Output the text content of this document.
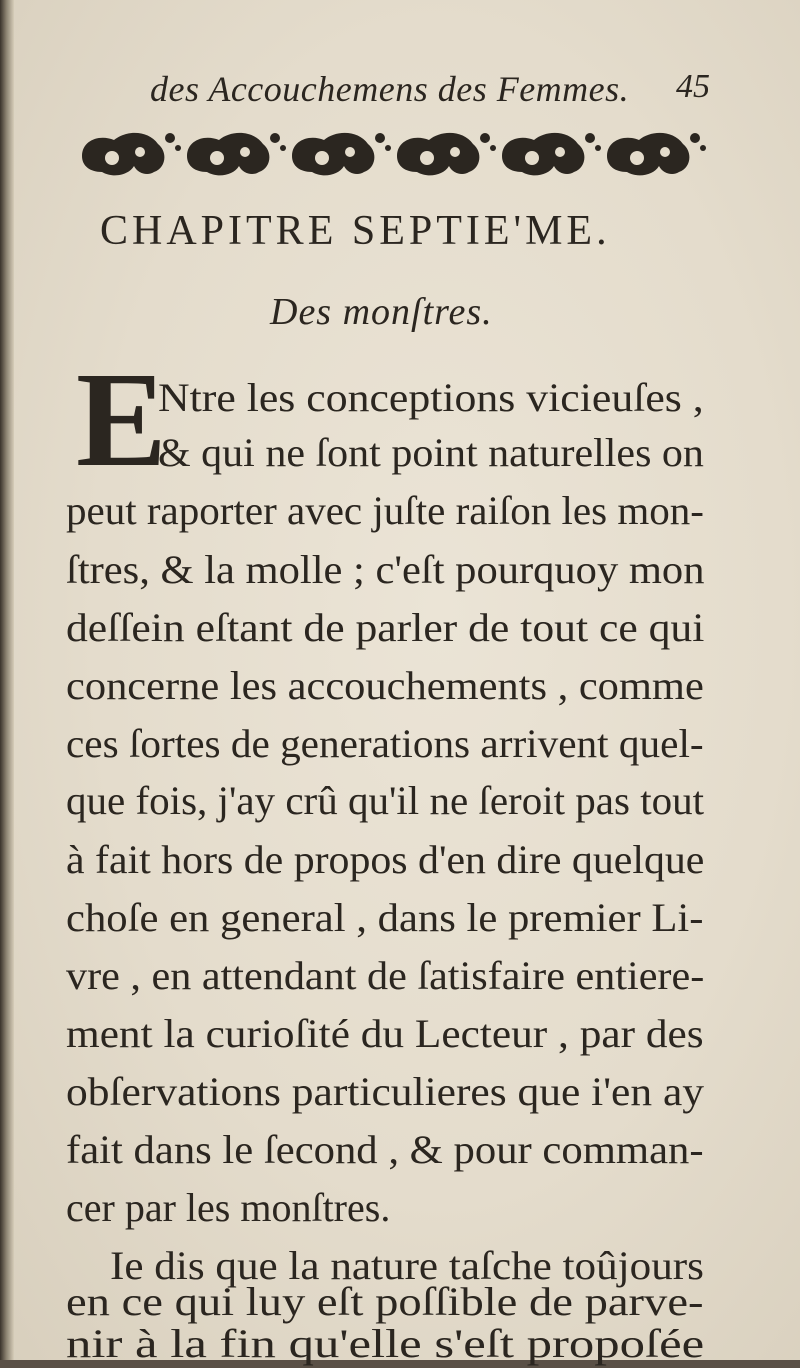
des Accouchemens des Femmes. 45
CHAPITRE SEPTIE'ME.
Des monſtres.
E
Ntre les conceptions vicieuſes ,
& qui ne ſont point naturelles on
peut raporter avec juſte raiſon les mon-
ſtres, & la molle ; c'eſt pourquoy mon
deſſein eſtant de parler de tout ce qui
concerne les accouchements , comme
ces ſortes de generations arrivent quel-
que fois, j'ay crû qu'il ne ſeroit pas tout
à fait hors de propos d'en dire quelque
choſe en general , dans le premier Li-
vre , en attendant de ſatisfaire entiere-
ment la curioſité du Lecteur , par des
obſervations particulieres que i'en ay
fait dans le ſecond , & pour comman-
cer par les monſtres.
Ie dis que la nature taſche toûjours
en ce qui luy eſt poſſible de parve-
nir à la fin qu'elle s'eſt propoſée
